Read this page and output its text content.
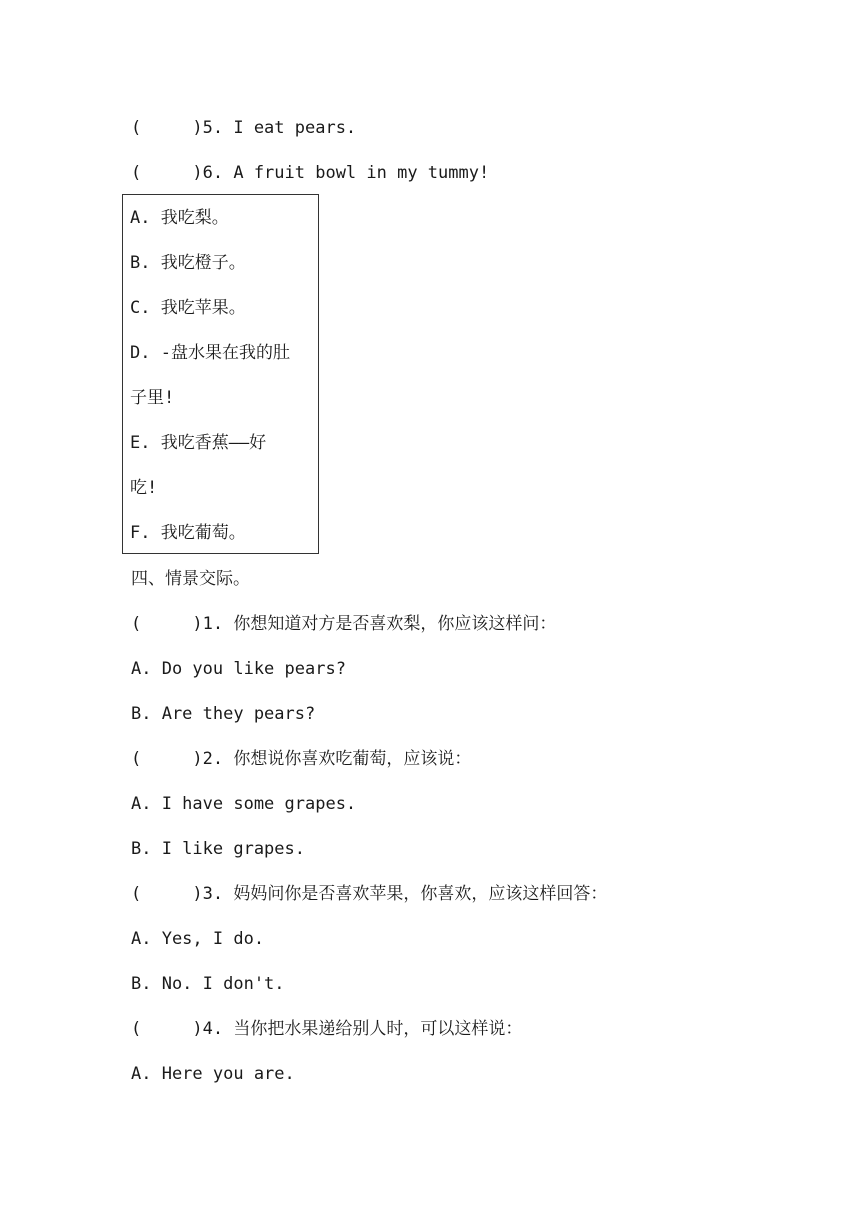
(     )5. I eat pears.
(     )6. A fruit bowl in my tummy!
A. 我吃梨。
B. 我吃橙子。
C. 我吃苹果。
D. -盘水果在我的肚
子里!
E. 我吃香蕉——好
吃!
F. 我吃葡萄。
四、情景交际。
(     )1. 你想知道对方是否喜欢梨，你应该这样问：
A. Do you like pears?
B. Are they pears?
(     )2. 你想说你喜欢吃葡萄，应该说：
A. I have some grapes.
B. I like grapes.
(     )3. 妈妈问你是否喜欢苹果，你喜欢，应该这样回答：
A. Yes, I do.
B. No. I don't.
(     )4. 当你把水果递给别人时，可以这样说：
A. Here you are.
